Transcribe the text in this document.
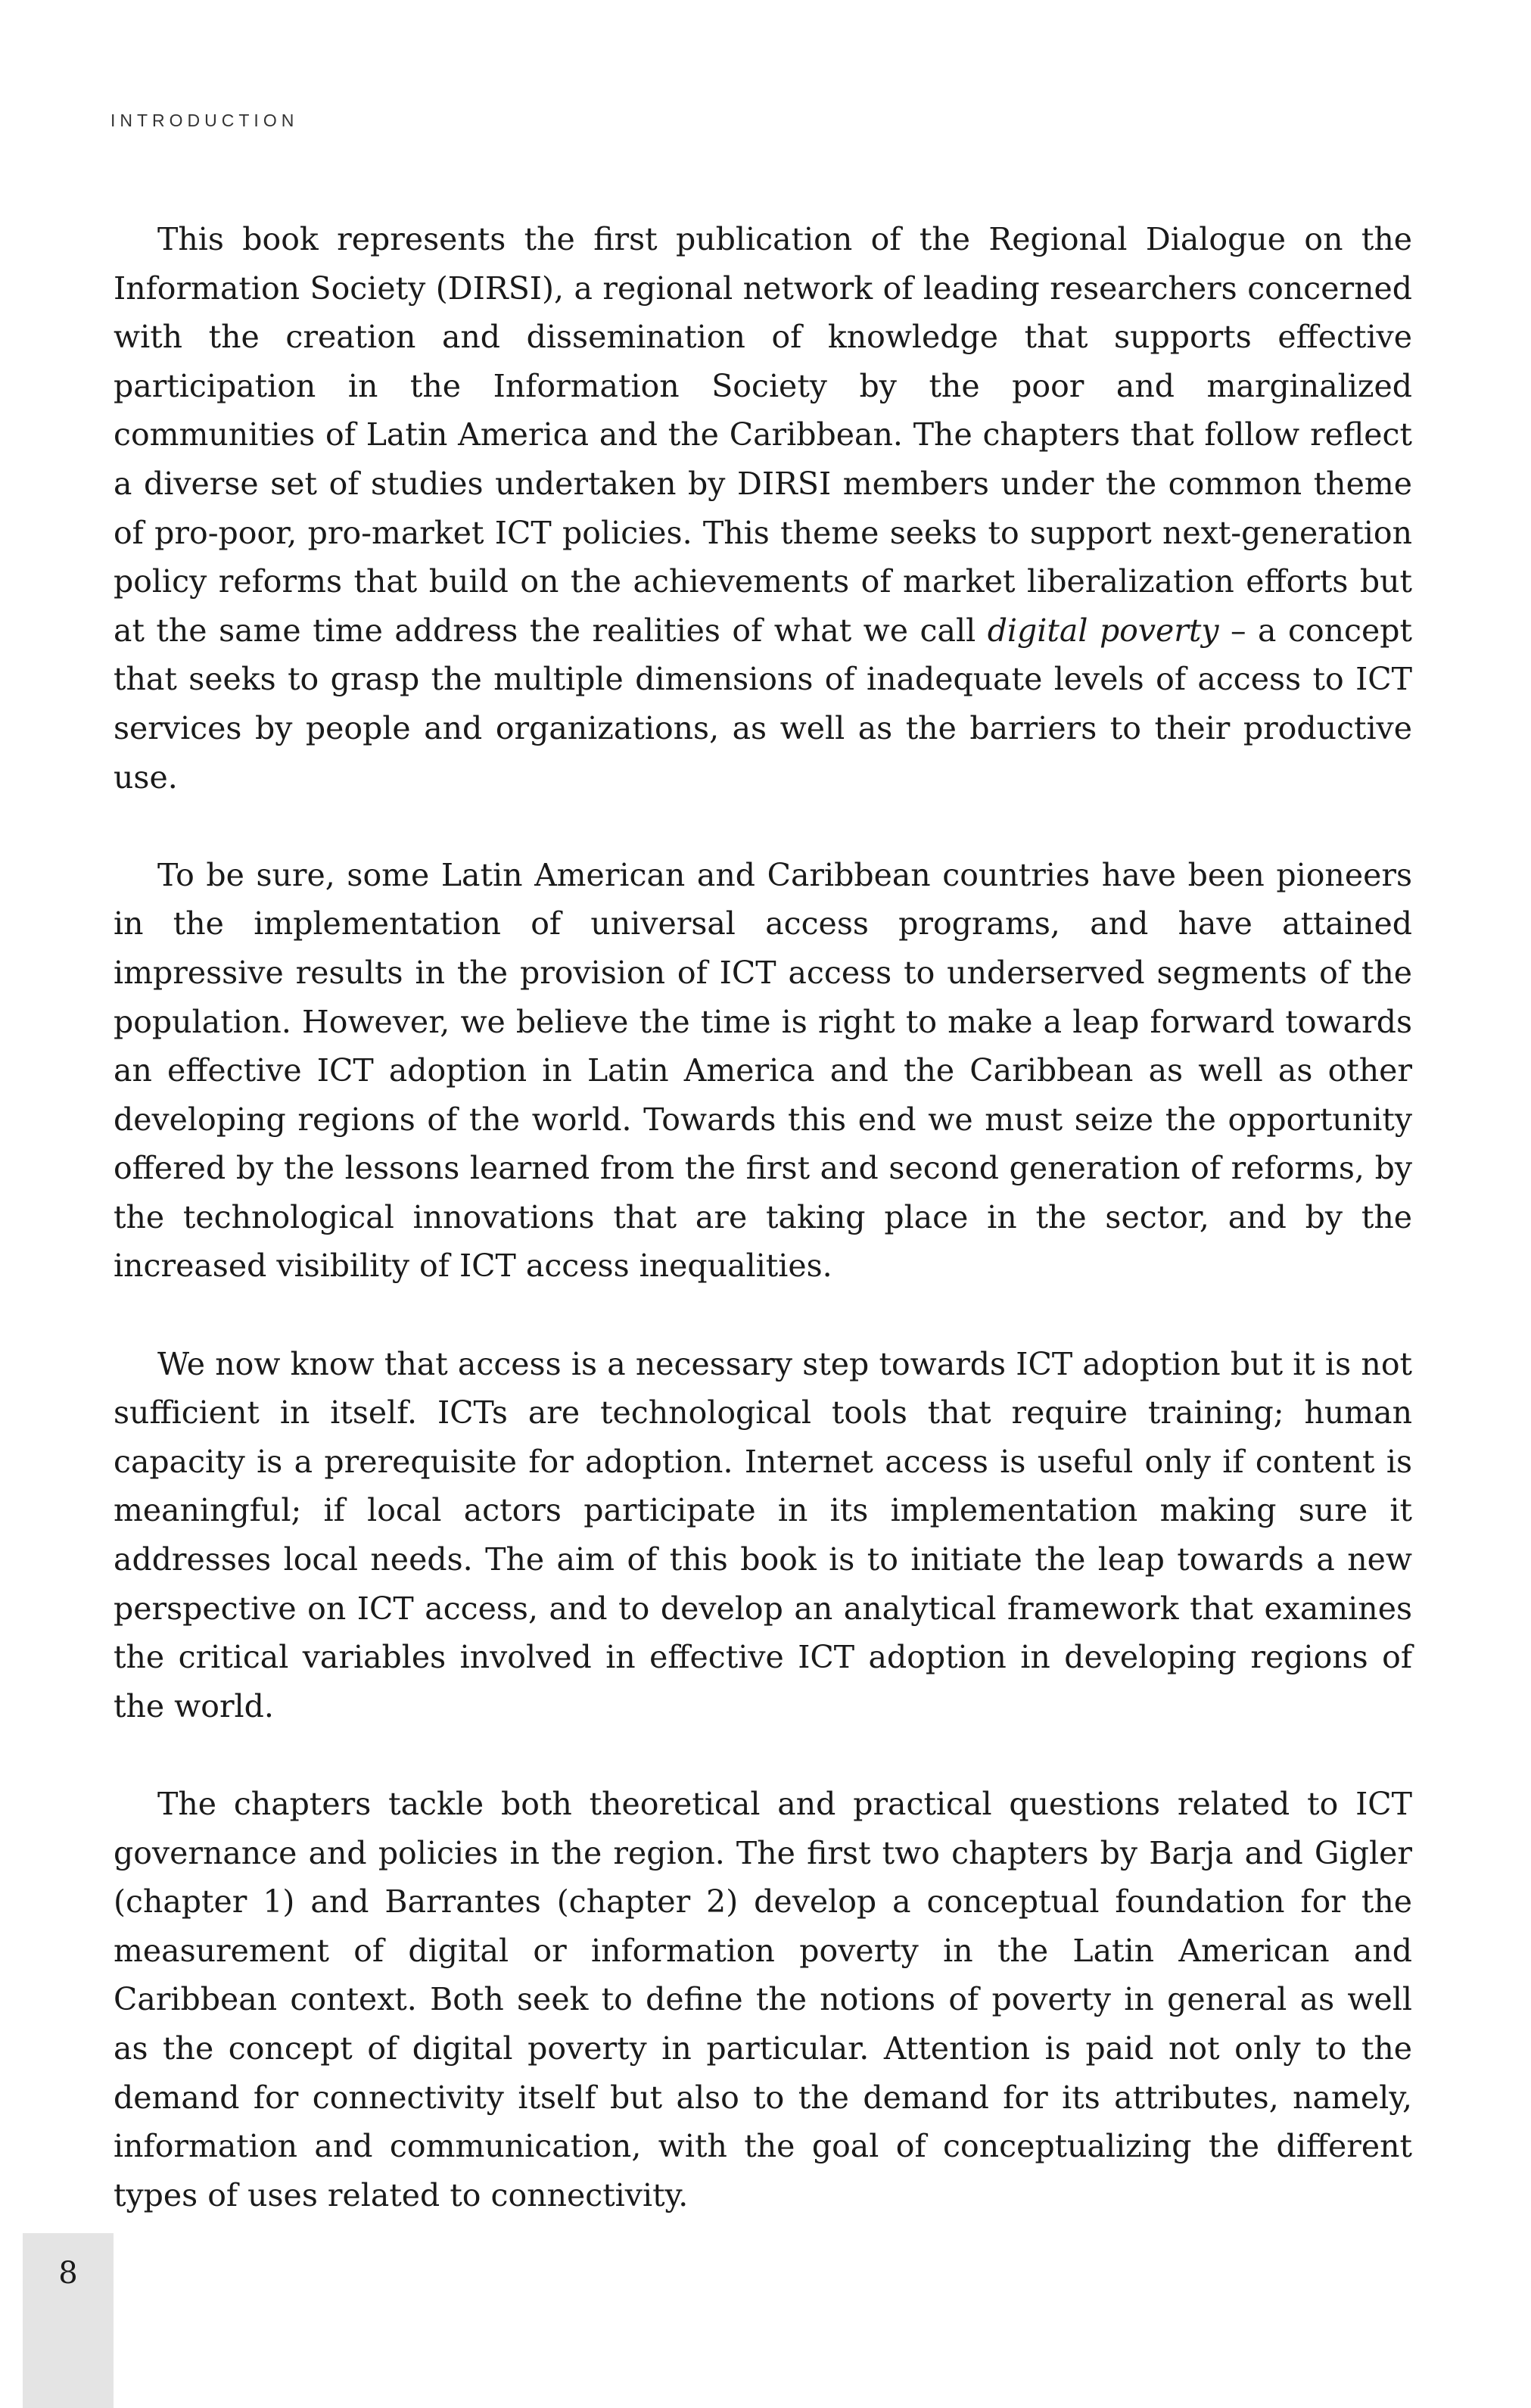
INTRODUCTION

This book represents the first publication of the Regional Dialogue on the Information Society (DIRSI), a regional network of leading researchers concerned with the creation and dissemination of knowledge that supports effective participation in the Information Society by the poor and marginalized communities of Latin America and the Caribbean. The chapters that follow reflect a diverse set of studies undertaken by DIRSI members under the common theme of pro-poor, pro-market ICT policies. This theme seeks to support next-generation policy reforms that build on the achievements of market liberalization efforts but at the same time address the realities of what we call digital poverty – a concept that seeks to grasp the multiple dimensions of inadequate levels of access to ICT services by people and organizations, as well as the barriers to their productive use.

To be sure, some Latin American and Caribbean countries have been pioneers in the implementation of universal access programs, and have attained impressive results in the provision of ICT access to underserved segments of the population. However, we believe the time is right to make a leap forward towards an effective ICT adoption in Latin America and the Caribbean as well as other developing regions of the world. Towards this end we must seize the opportunity offered by the lessons learned from the first and second generation of reforms, by the technological innovations that are taking place in the sector, and by the increased visibility of ICT access inequalities.

We now know that access is a necessary step towards ICT adoption but it is not sufficient in itself. ICTs are technological tools that require training; human capacity is a prerequisite for adoption. Internet access is useful only if content is meaningful; if local actors participate in its implementation making sure it addresses local needs. The aim of this book is to initiate the leap towards a new perspective on ICT access, and to develop an analytical framework that examines the critical variables involved in effective ICT adoption in developing regions of the world.

The chapters tackle both theoretical and practical questions related to ICT governance and policies in the region. The first two chapters by Barja and Gigler (chapter 1) and Barrantes (chapter 2) develop a conceptual foundation for the measurement of digital or information poverty in the Latin American and Caribbean context. Both seek to define the notions of poverty in general as well as the concept of digital poverty in particular. Attention is paid not only to the demand for connectivity itself but also to the demand for its attributes, namely, information and communication, with the goal of conceptualizing the different types of uses related to connectivity.

8
